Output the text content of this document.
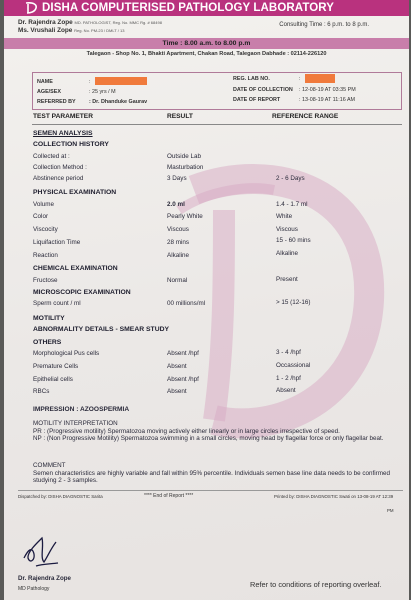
DISHA COMPUTERISED PATHOLOGY LABORATORY
Dr. Rajendra Zope MD. PATHOLOGIST, Reg. No. MMC Rg. # 68498
Ms. Vrushali Zope Reg. No. PM-23 / DMLT / 13
Consulting Time : 6 p.m. to 8 p.m.
Time : 8.00 a.m. to 8.00 p.m
Talegaon - Shop No. 1, Bhakti Apartment, Chakan Road, Talegaon Dabhade : 02114-226120
NAME	:
AGE/SEX	: 25 yrs / M
REFERRED BY : Dr. Dhanduke Gaurav
REG. LAB NO.	:
DATE OF COLLECTION : 12-08-19 AT 03:35 PM
DATE OF REPORT	: 13-08-19 AT 11:16 AM
TEST PARAMETER	RESULT	REFERENCE RANGE
SEMEN ANALYSIS
COLLECTION HISTORY
Collected at :	Outside Lab
Collection Method :	Masturbation
Abstinence period	3 Days	2 - 6 Days
PHYSICAL EXAMINATION
Volume	2.0 ml	1.4 - 1.7 ml
Color	Pearly White	White
Viscocity	Viscous	Viscous
Liquifaction Time	28 mins	15 - 60 mins
Reaction	Alkaline	Alkaline
CHEMICAL EXAMINATION
Fructose	Normal	Present
MICROSCOPIC EXAMINATION
Sperm count / ml	00 millions/ml	> 15 (12-16)
MOTILITY
ABNORMALITY DETAILS - SMEAR STUDY
OTHERS
Morphological Pus cells	Absent /hpf	3 - 4 /hpf
Premature Cells	Absent	Occassional
Epithelial cells	Absent /hpf	1 - 2 /hpf
RBCs	Absent	Absent
IMPRESSION : AZOOSPERMIA
MOTILITY INTERPRETATION
PR : (Progressive motility) Spermatozoa moving actively either linearly or in large circles irrespective of speed.
NP : (Non Progressive Motility) Spermatozoa swimming in a small circles, moving head by flagellar force or only flagellar beat.
COMMENT
Semen characteristics are highly variable and fall within 95% percentile. Individuals semen base line data needs to be confirmed studying 2 - 3 samples.
Dispatched by: DISHA DIAGNOSTIC Sarita	**** End of Report ****	Printed by: DISHA DIAGNOSTIC Swati on 13-08-19 AT 12:39
PM
Dr. Rajendra Zope
MD Pathology	Refer to conditions of reporting overleaf.
